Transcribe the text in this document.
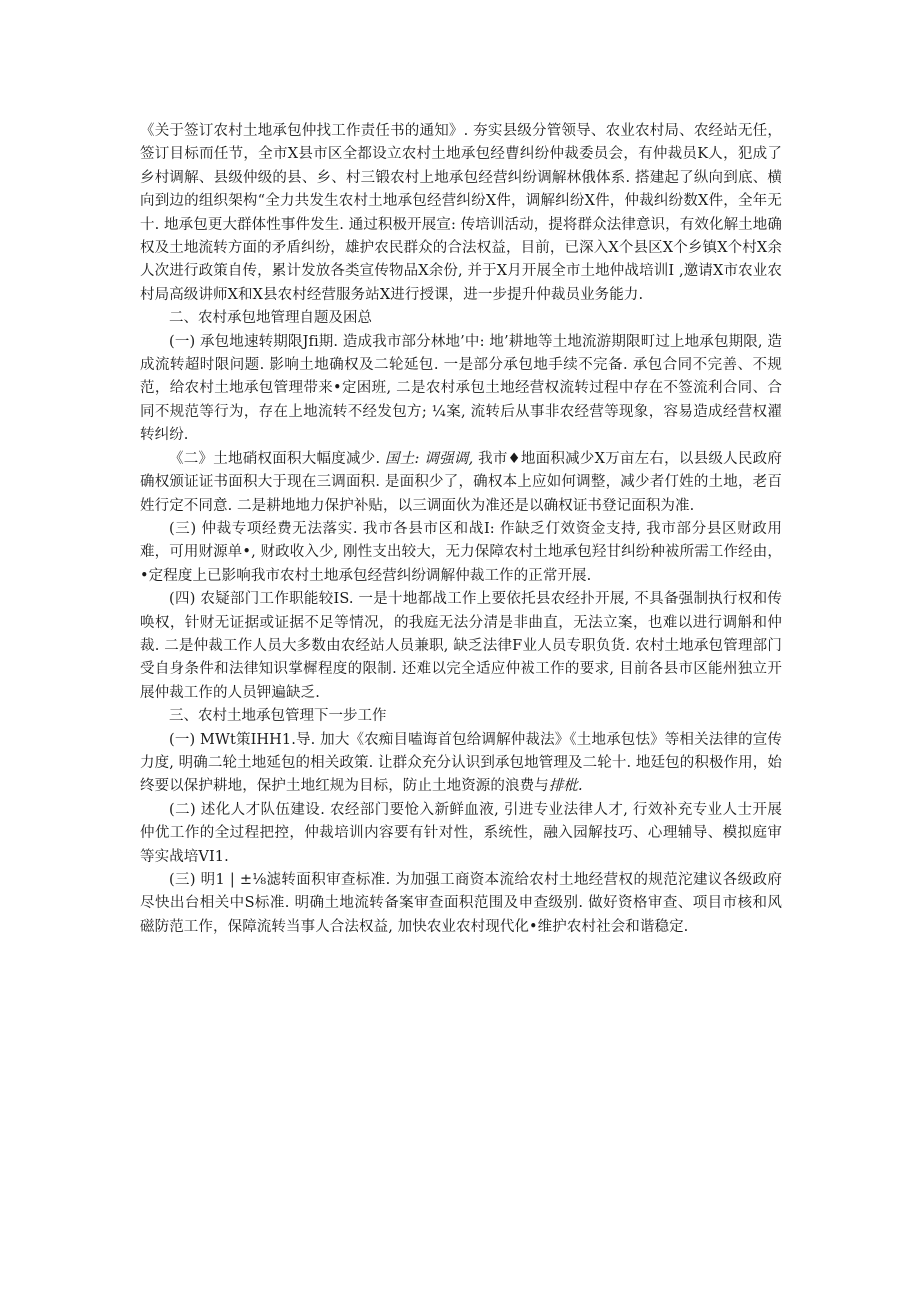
《关于签订农村土地承包仲找工作责任书的通知》. 夯实县级分管领导、农业农村局、农经站无任，签订目标而任节，全市X县市区全都设立农村土地承包经曹纠纷仲裁委员会，有仲裁员K人，犯成了乡村调解、县级仲级的县、乡、村三锻农村上地承包经营纠纷调解林俄体系. 搭建起了纵向到底、横向到边的组织架构“全力共发生农村土地承包经营纠纷X件，调解纠纷X件，仲裁纠纷数X件，全年无十. 地承包更大群体性事件发生. 通过积极开展宣: 传培训活动，提将群众法律意识，有效化解土地确权及土地流转方面的矛盾纠纷，雄护农民群众的合法权益，目前，已深入X个县区X个乡镇X个村X余人次进行政策自传，累计发放各类宣传物品X余份, 并于X月开展全市土地仲战培训I ,邀请X市农业农村局高级讲师X和X县农村经营服务站X进行授课，进一步提升仲裁员业务能力.

二、农村承包地管理自题及困总

(一) 承包地速转期限Jfi期. 造成我市部分林地’中: 地’耕地等土地流游期限町过上地承包期限, 造成流转超时限问题. 影响土地确权及二轮延包. 一是部分承包地手续不完备. 承包合同不完善、不规范，给农村土地承包管理带来•定困班, 二是农村承包土地经营权流转过程中存在不签流利合同、合同不规范等行为，存在上地流转不经发包方; ¼案, 流转后从事非农经营等现象，容易造成经营权濯转纠纷.

《二》土地硝权面积大幅度减少. 国土: 调强调, 我市♦地面积减少X万亩左右，以县级人民政府确权颁证证书面积大于现在三调面积. 是面积少了，确权本上应如何调整，减少者仃姓的土地，老百姓行定不同意. 二是耕地地力保护补贴，以三调面伙为准还是以确权证书登记面积为准.

(三) 仲裁专项经费无法落实. 我市各县市区和战I: 作缺乏仃效资金支持, 我市部分县区财政用难，可用财源单•, 财政收入少, 刚性支出较大，无力保障农村土地承包羟甘纠纷种袚所需工作经由，•定程度上已影响我市农村土地承包经营纠纷调解仲裁工作的正常开展.

(四) 农疑部门工作职能较IS. 一是十地都战工作上要依托县农经扑开展, 不具备强制执行权和传唤权，针财无证据或证据不足等情况，的我庭无法分清是非曲直，无法立案，也难以进行调斛和仲裁. 二是仲裁工作人员大多数由农经站人员兼职, 缺乏法律F业人员专职负货. 农村土地承包管理部门受自身条件和法律知识掌樨程度的限制. 还难以完全适应仲袚工作的要求, 目前各县市区能州独立开展仲裁工作的人员钾遍缺乏.

三、农村土地承包管理下一步工作

(一) MWt策IHH1.导. 加大《农痴目嗑诲首包给调解仲裁法》《土地承包怯》等相关法律的宣传力度, 明确二轮土地延包的相关政策. 让群众充分认识到承包地管理及二轮十. 地廷包的积极作用，始终要以保护耕地，保护土地红规为目标，防止土地资源的浪费与排枇.

(二) 述化人才队伍建设. 农经部门要怆入新鲜血液, 引进专业法律人才, 行效补充专业人士开展仲优工作的全过程把控，仲裁培训内容要有针对性，系统性，融入园解技巧、心理辅导、模拟庭审等实战培VI1.

(三) 明1 | ±⅛滤转面积审查标准. 为加强工商资本流给农村土地经营权的规范沱建议各级政府尽快出台相关中S标准. 明确土地流转备案审查面积范围及申查级别. 做好资格审查、项目市核和风磁防范工作，保障流转当事人合法权益, 加快农业农村现代化•维护农村社会和谐稳定.
